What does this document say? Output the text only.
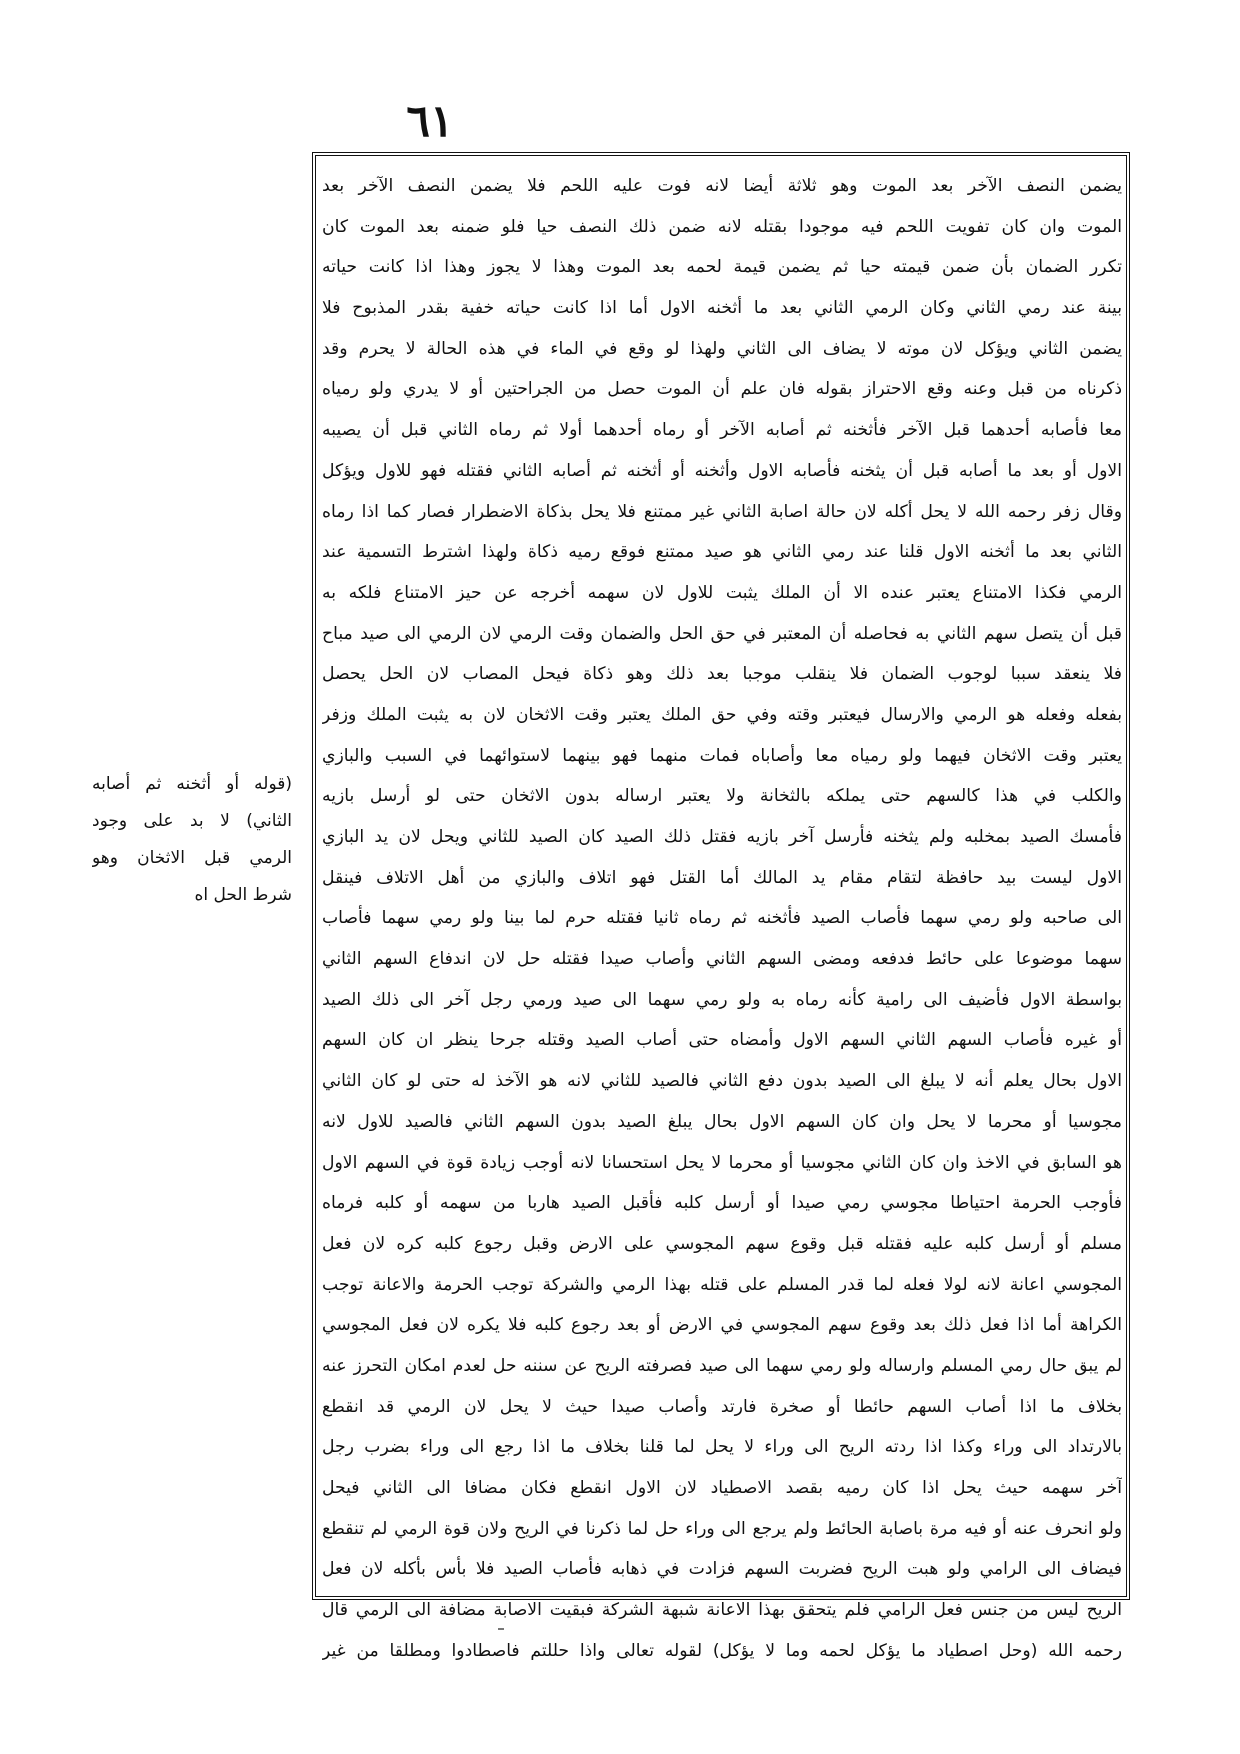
٦١
يضمن النصف الآخر بعد الموت وهو ثلاثة أيضا لانه فوت عليه اللحم فلا يضمن النصف الآخر بعد
الموت وان كان تفويت اللحم فيه موجودا بقتله لانه ضمن ذلك النصف حيا فلو ضمنه بعد الموت كان
تكرر الضمان بأن ضمن قيمته حيا ثم يضمن قيمة لحمه بعد الموت وهذا لا يجوز وهذا اذا كانت حياته
بينة عند رمي الثاني وكان الرمي الثاني بعد ما أثخنه الاول أما اذا كانت حياته خفية بقدر المذبوح فلا
يضمن الثاني ويؤكل لان موته لا يضاف الى الثاني ولهذا لو وقع في الماء في هذه الحالة لا يحرم وقد
ذكرناه من قبل وعنه وقع الاحتراز بقوله فان علم أن الموت حصل من الجراحتين أو لا يدري ولو رمياه
معا فأصابه أحدهما قبل الآخر فأثخنه ثم أصابه الآخر أو رماه أحدهما أولا ثم رماه الثاني قبل أن يصيبه
الاول أو بعد ما أصابه قبل أن يثخنه فأصابه الاول وأثخنه أو أثخنه ثم أصابه الثاني فقتله فهو للاول ويؤكل
وقال زفر رحمه الله لا يحل أكله لان حالة اصابة الثاني غير ممتنع فلا يحل بذكاة الاضطرار فصار كما اذا رماه
الثاني بعد ما أثخنه الاول قلنا عند رمي الثاني هو صيد ممتنع فوقع رميه ذكاة ولهذا اشترط التسمية عند
الرمي فكذا الامتناع يعتبر عنده الا أن الملك يثبت للاول لان سهمه أخرجه عن حيز الامتناع فلكه به
قبل أن يتصل سهم الثاني به فحاصله أن المعتبر في حق الحل والضمان وقت الرمي لان الرمي الى صيد مباح
فلا ينعقد سببا لوجوب الضمان فلا ينقلب موجبا بعد ذلك وهو ذكاة فيحل المصاب لان الحل يحصل
بفعله وفعله هو الرمي والارسال فيعتبر وقته وفي حق الملك يعتبر وقت الاثخان لان به يثبت الملك وزفر
يعتبر وقت الاثخان فيهما ولو رمياه معا وأصاباه فمات منهما فهو بينهما لاستوائهما في السبب والبازي
والكلب في هذا كالسهم حتى يملكه بالثخانة ولا يعتبر ارساله بدون الاثخان حتى لو أرسل بازيه
فأمسك الصيد بمخلبه ولم يثخنه فأرسل آخر بازيه فقتل ذلك الصيد كان الصيد للثاني ويحل لان يد البازي
الاول ليست بيد حافظة لتقام مقام يد المالك أما القتل فهو اتلاف والبازي من أهل الاتلاف فينقل
الى صاحبه ولو رمي سهما فأصاب الصيد فأثخنه ثم رماه ثانيا فقتله حرم لما بينا ولو رمي سهما فأصاب
سهما موضوعا على حائط فدفعه ومضى السهم الثاني وأصاب صيدا فقتله حل لان اندفاع السهم الثاني
بواسطة الاول فأضيف الى رامية كأنه رماه به ولو رمي سهما الى صيد ورمي رجل آخر الى ذلك الصيد
أو غيره فأصاب السهم الثاني السهم الاول وأمضاه حتى أصاب الصيد وقتله جرحا ينظر ان كان السهم
الاول بحال يعلم أنه لا يبلغ الى الصيد بدون دفع الثاني فالصيد للثاني لانه هو الآخذ له حتى لو كان الثاني
مجوسيا أو محرما لا يحل وان كان السهم الاول بحال يبلغ الصيد بدون السهم الثاني فالصيد للاول لانه
هو السابق في الاخذ وان كان الثاني مجوسيا أو محرما لا يحل استحسانا لانه أوجب زيادة قوة في السهم الاول
فأوجب الحرمة احتياطا مجوسي رمي صيدا أو أرسل كلبه فأقبل الصيد هاربا من سهمه أو كلبه فرماه
مسلم أو أرسل كلبه عليه فقتله قبل وقوع سهم المجوسي على الارض وقبل رجوع كلبه كره لان فعل
المجوسي اعانة لانه لولا فعله لما قدر المسلم على قتله بهذا الرمي والشركة توجب الحرمة والاعانة توجب
الكراهة أما اذا فعل ذلك بعد وقوع سهم المجوسي في الارض أو بعد رجوع كلبه فلا يكره لان فعل المجوسي
لم يبق حال رمي المسلم وارساله ولو رمي سهما الى صيد فصرفته الريح عن سننه حل لعدم امكان التحرز عنه
بخلاف ما اذا أصاب السهم حائطا أو صخرة فارتد وأصاب صيدا حيث لا يحل لان الرمي قد انقطع
بالارتداد الى وراء وكذا اذا ردته الريح الى وراء لا يحل لما قلنا بخلاف ما اذا رجع الى وراء بضرب رجل
آخر سهمه حيث يحل اذا كان رميه بقصد الاصطياد لان الاول انقطع فكان مضافا الى الثاني فيحل
ولو انحرف عنه أو فيه مرة باصابة الحائط ولم يرجع الى وراء حل لما ذكرنا في الريح ولان قوة الرمي لم تنقطع
فيضاف الى الرامي ولو هبت الريح فضربت السهم فزادت في ذهابه فأصاب الصيد فلا بأس بأكله لان فعل
الريح ليس من جنس فعل الرامي فلم يتحقق بهذا الاعانة شبهة الشركة فبقيت الاصابة مضافة الى الرمي قال
رحمه الله (وحل اصطياد ما يؤكل لحمه وما لا يؤكل) لقوله تعالى واذا حللتم فاصطادوا ومطلقا من غير
(قوله أو أثخنه ثم أصابه
الثاني) لا بد على وجود
الرمي قبل الاثخان وهو
شرط الحل اه
